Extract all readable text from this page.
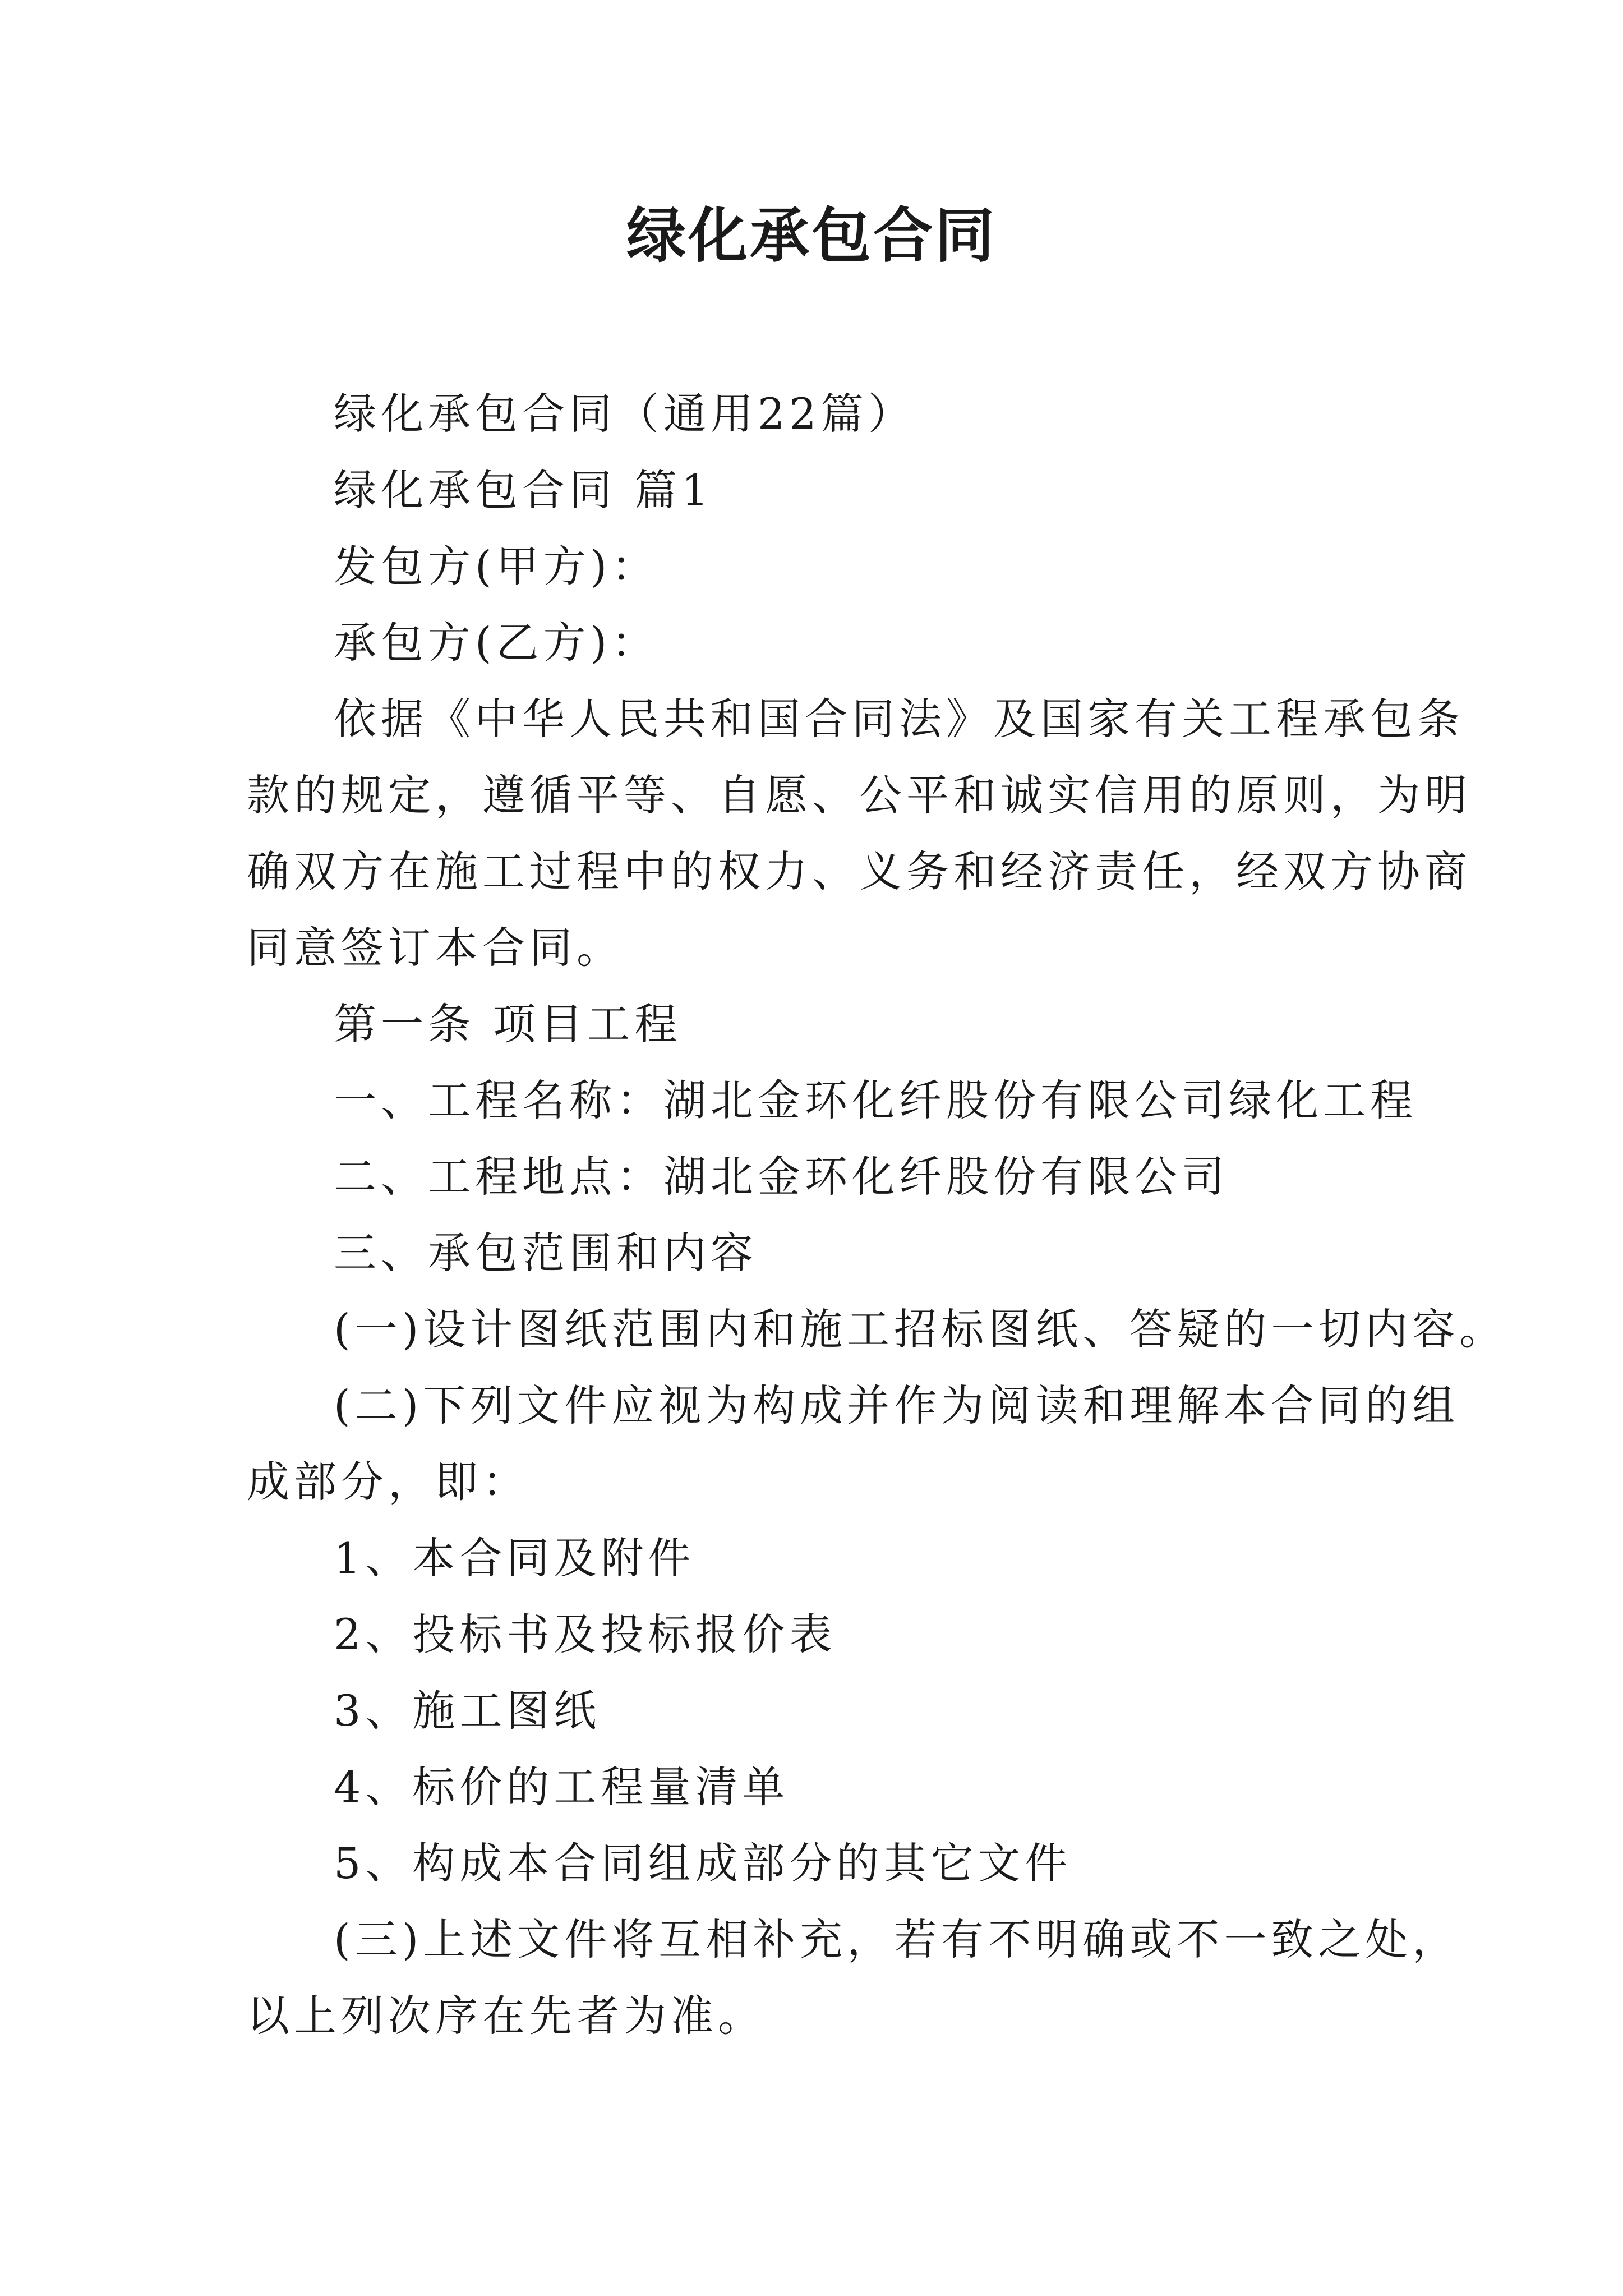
绿化承包合同
绿化承包合同（通用22篇）
绿化承包合同 篇1
发包方(甲方)：
承包方(乙方)：
依据《中华人民共和国合同法》及国家有关工程承包条
款的规定，遵循平等、自愿、公平和诚实信用的原则，为明
确双方在施工过程中的权力、义务和经济责任，经双方协商
同意签订本合同。
第一条 项目工程
一、工程名称：湖北金环化纤股份有限公司绿化工程
二、工程地点：湖北金环化纤股份有限公司
三、承包范围和内容
(一)设计图纸范围内和施工招标图纸、答疑的一切内容。
(二)下列文件应视为构成并作为阅读和理解本合同的组
成部分，即：
1、本合同及附件
2、投标书及投标报价表
3、施工图纸
4、标价的工程量清单
5、构成本合同组成部分的其它文件
(三)上述文件将互相补充，若有不明确或不一致之处，
以上列次序在先者为准。
